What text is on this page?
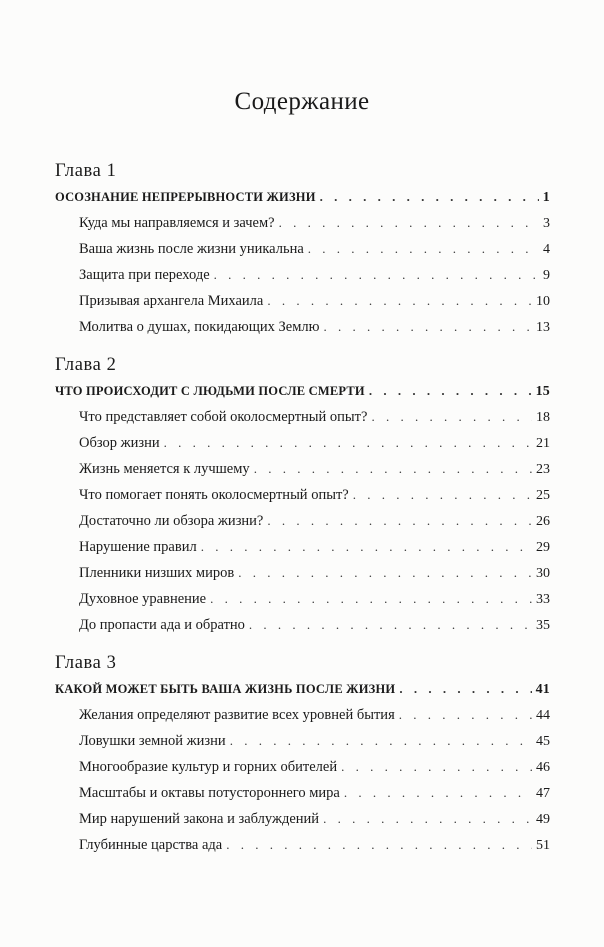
Содержание
Глава 1
ОСОЗНАНИЕ НЕПРЕРЫВНОСТИ ЖИЗНИ . . .	1
Куда мы направляемся и зачем? . . .	3
Ваша жизнь после жизни уникальна . . .	4
Защита при переходе . . .	9
Призывая архангела Михаила . . .	10
Молитва о душах, покидающих Землю . . .	13
Глава 2
ЧТО ПРОИСХОДИТ С ЛЮДЬМИ ПОСЛЕ СМЕРТИ . . .	15
Что представляет собой околосмертный опыт? . . .	18
Обзор жизни . . .	21
Жизнь меняется к лучшему . . .	23
Что помогает понять околосмертный опыт? . . .	25
Достаточно ли обзора жизни? . . .	26
Нарушение правил . . .	29
Пленники низших миров . . .	30
Духовное уравнение . . .	33
До пропасти ада и обратно . . .	35
Глава 3
КАКОЙ МОЖЕТ БЫТЬ ВАША ЖИЗНЬ ПОСЛЕ ЖИЗНИ . . .	41
Желания определяют развитие всех уровней бытия . . .	44
Ловушки земной жизни . . .	45
Многообразие культур и горних обителей . . .	46
Масштабы и октавы потустороннего мира . . .	47
Мир нарушений закона и заблуждений . . .	49
Глубинные царства ада . . .	51
